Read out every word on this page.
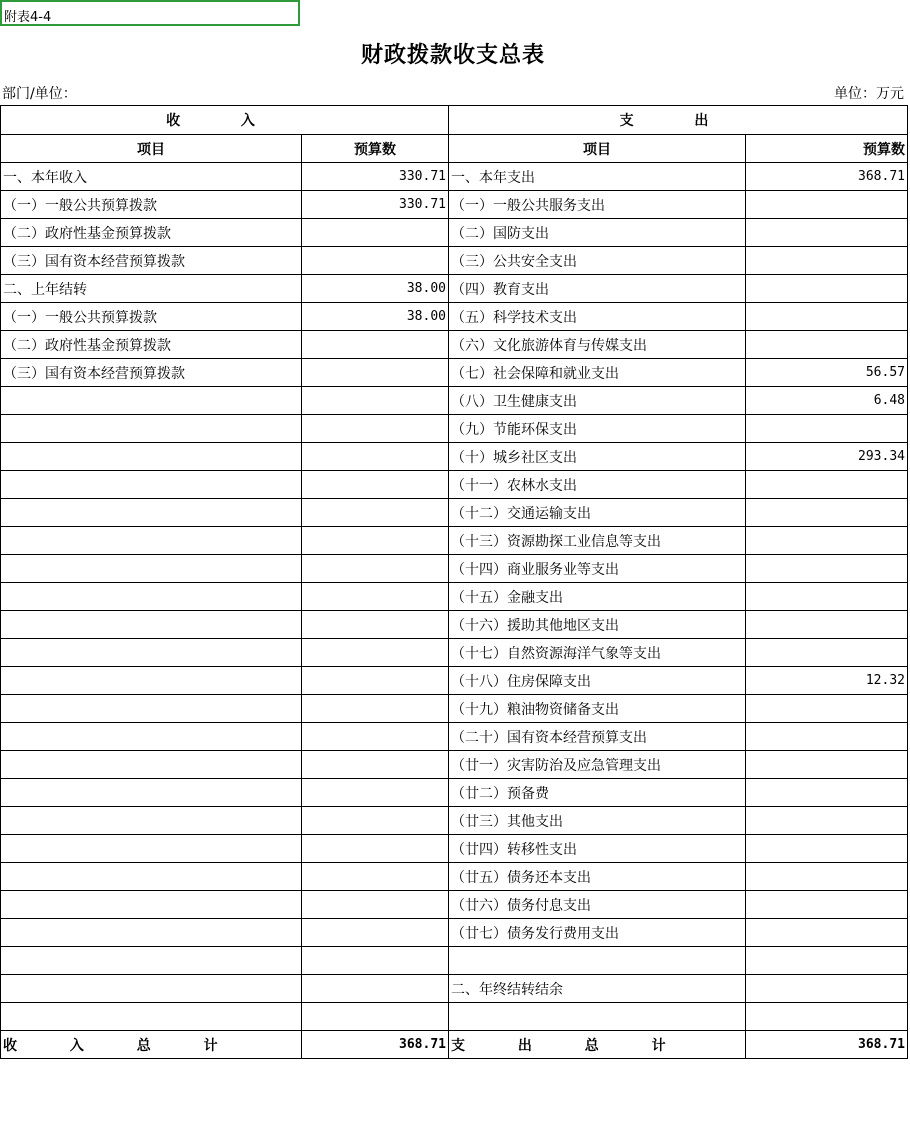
附表4-4
财政拨款收支总表
部门/单位：	单位：万元
收 入		支 出	
项目	预算数	项目	预算数
一、本年收入	330.71	一、本年支出	368.71
（一）一般公共预算拨款	330.71	（一）一般公共服务支出	
（二）政府性基金预算拨款		（二）国防支出	
（三）国有资本经营预算拨款		（三）公共安全支出	
二、上年结转	38.00	（四）教育支出	
（一）一般公共预算拨款	38.00	（五）科学技术支出	
（二）政府性基金预算拨款		（六）文化旅游体育与传媒支出	
（三）国有资本经营预算拨款		（七）社会保障和就业支出	56.57
		（八）卫生健康支出	6.48
		（九）节能环保支出	
		（十）城乡社区支出	293.34
		（十一）农林水支出	
		（十二）交通运输支出	
		（十三）资源勘探工业信息等支出	
		（十四）商业服务业等支出	
		（十五）金融支出	
		（十六）援助其他地区支出	
		（十七）自然资源海洋气象等支出	
		（十八）住房保障支出	12.32
		（十九）粮油物资储备支出	
		（二十）国有资本经营预算支出	
		（廿一）灾害防治及应急管理支出	
		（廿二）预备费	
		（廿三）其他支出	
		（廿四）转移性支出	
		（廿五）债务还本支出	
		（廿六）债务付息支出	
		（廿七）债务发行费用支出	

		二、年终结转结余	

收 入 总 计	368.71	支 出 总 计	368.71
